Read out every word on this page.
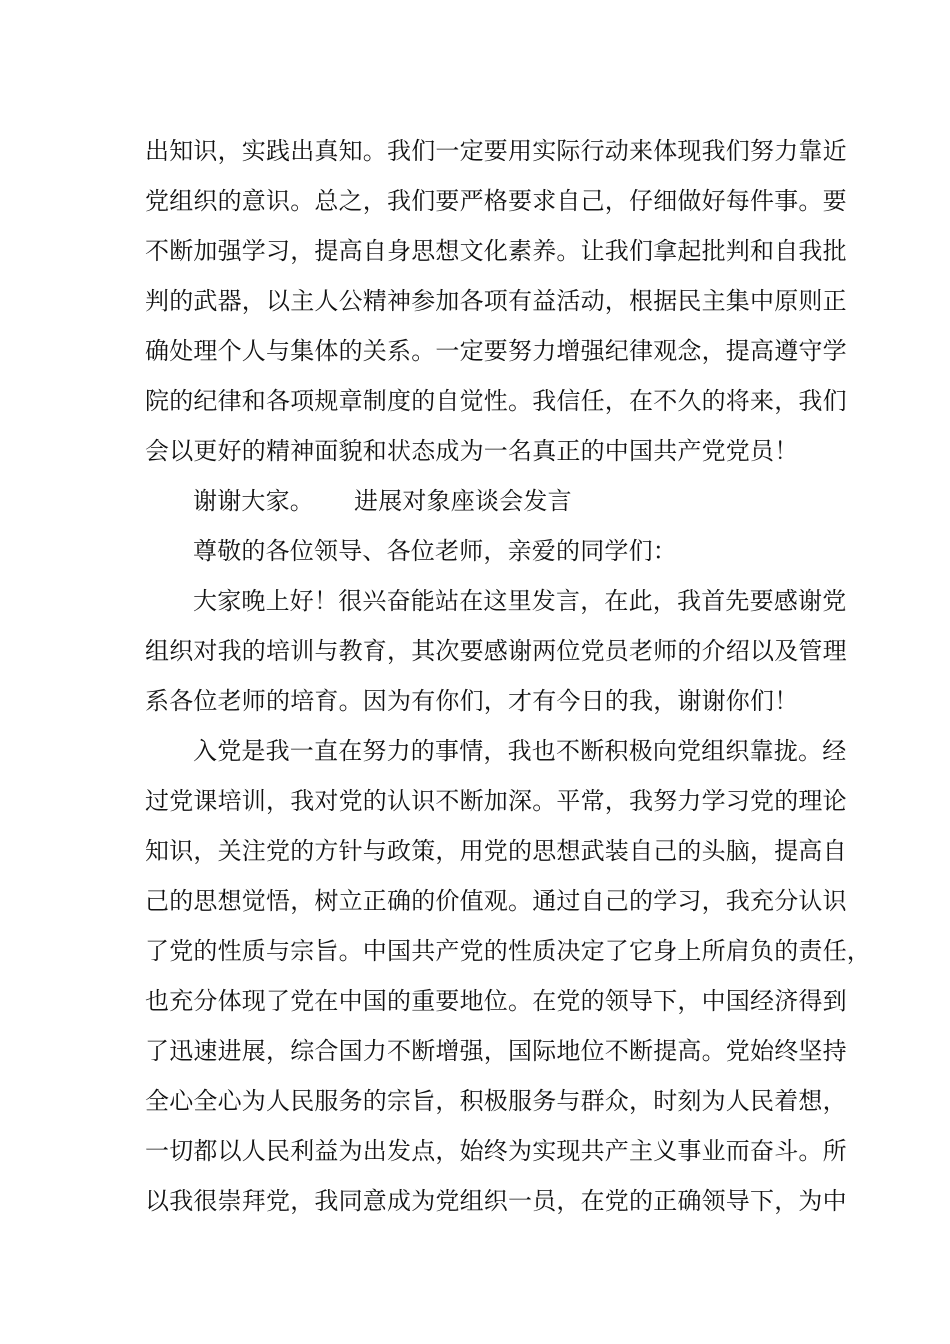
出知识，实践出真知。我们一定要用实际行动来体现我们努力靠近
党组织的意识。总之，我们要严格要求自己，仔细做好每件事。要
不断加强学习，提高自身思想文化素养。让我们拿起批判和自我批
判的武器，以主人公精神参加各项有益活动，根据民主集中原则正
确处理个人与集体的关系。一定要努力增强纪律观念，提高遵守学
院的纪律和各项规章制度的自觉性。我信任，在不久的将来，我们
会以更好的精神面貌和状态成为一名真正的中国共产党党员！
谢谢大家。 进展对象座谈会发言
尊敬的各位领导、各位老师，亲爱的同学们：
大家晚上好！很兴奋能站在这里发言，在此，我首先要感谢党
组织对我的培训与教育，其次要感谢两位党员老师的介绍以及管理
系各位老师的培育。因为有你们，才有今日的我，谢谢你们！
入党是我一直在努力的事情，我也不断积极向党组织靠拢。经
过党课培训，我对党的认识不断加深。平常，我努力学习党的理论
知识，关注党的方针与政策，用党的思想武装自己的头脑，提高自
己的思想觉悟，树立正确的价值观。通过自己的学习，我充分认识
了党的性质与宗旨。中国共产党的性质决定了它身上所肩负的责任，
也充分体现了党在中国的重要地位。在党的领导下，中国经济得到
了迅速进展，综合国力不断增强，国际地位不断提高。党始终坚持
全心全心为人民服务的宗旨，积极服务与群众，时刻为人民着想，
一切都以人民利益为出发点，始终为实现共产主义事业而奋斗。所
以我很崇拜党，我同意成为党组织一员，在党的正确领导下，为中
